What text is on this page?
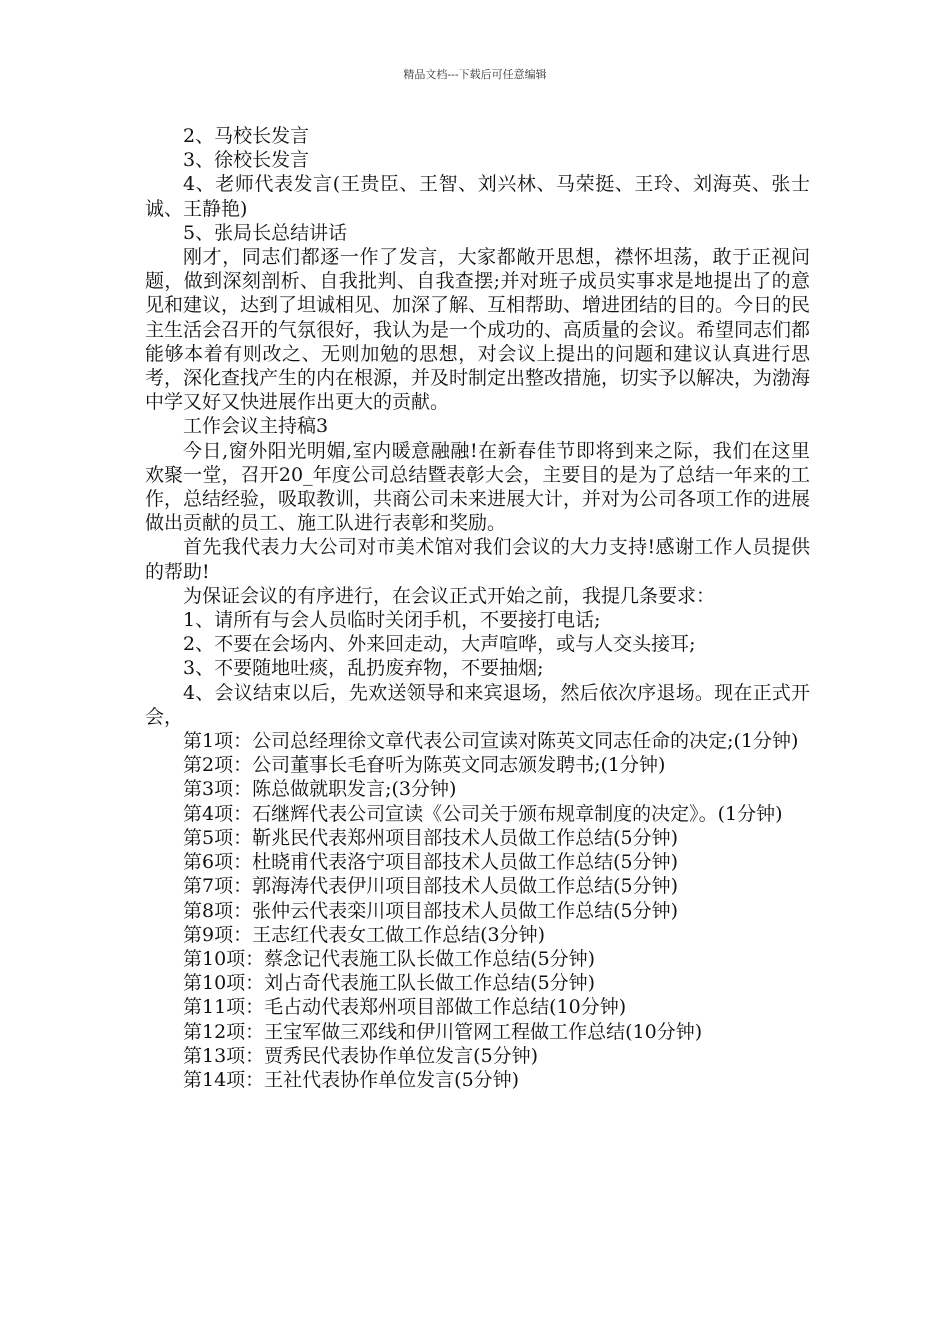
精品文档---下载后可任意编辑

2、马校长发言

3、徐校长发言

4、老师代表发言(王贵臣、王智、刘兴林、马荣挺、王玲、刘海英、张士诚、王静艳)

5、张局长总结讲话

刚才，同志们都逐一作了发言，大家都敞开思想，襟怀坦荡，敢于正视问题，做到深刻剖析、自我批判、自我查摆;并对班子成员实事求是地提出了的意见和建议，达到了坦诚相见、加深了解、互相帮助、增进团结的目的。今日的民主生活会召开的气氛很好，我认为是一个成功的、高质量的会议。希望同志们都能够本着有则改之、无则加勉的思想，对会议上提出的问题和建议认真进行思考，深化查找产生的内在根源，并及时制定出整改措施，切实予以解决，为渤海中学又好又快进展作出更大的贡献。

工作会议主持稿3

今日,窗外阳光明媚,室内暖意融融!在新春佳节即将到来之际，我们在这里欢聚一堂，召开20_年度公司总结暨表彰大会，主要目的是为了总结一年来的工作，总结经验，吸取教训，共商公司未来进展大计，并对为公司各项工作的进展做出贡献的员工、施工队进行表彰和奖励。

首先我代表力大公司对市美术馆对我们会议的大力支持!感谢工作人员提供的帮助!

为保证会议的有序进行，在会议正式开始之前，我提几条要求：

1、请所有与会人员临时关闭手机，不要接打电话;

2、不要在会场内、外来回走动，大声喧哗，或与人交头接耳;

3、不要随地吐痰，乱扔废弃物，不要抽烟;

4、会议结束以后，先欢送领导和来宾退场，然后依次序退场。现在正式开会，

第1项：公司总经理徐文章代表公司宣读对陈英文同志任命的决定;(1分钟)

第2项：公司董事长毛眘听为陈英文同志颁发聘书;(1分钟)

第3项：陈总做就职发言;(3分钟)

第4项：石继辉代表公司宣读《公司关于颁布规章制度的决定》。(1分钟)

第5项：靳兆民代表郑州项目部技术人员做工作总结(5分钟)

第6项：杜晓甫代表洛宁项目部技术人员做工作总结(5分钟)

第7项：郭海涛代表伊川项目部技术人员做工作总结(5分钟)

第8项：张仲云代表栾川项目部技术人员做工作总结(5分钟)

第9项：王志红代表女工做工作总结(3分钟)

第10项：蔡念记代表施工队长做工作总结(5分钟)

第10项：刘占奇代表施工队长做工作总结(5分钟)

第11项：毛占动代表郑州项目部做工作总结(10分钟)

第12项：王宝军做三邓线和伊川管网工程做工作总结(10分钟)

第13项：贾秀民代表协作单位发言(5分钟)

第14项：王社代表协作单位发言(5分钟)
